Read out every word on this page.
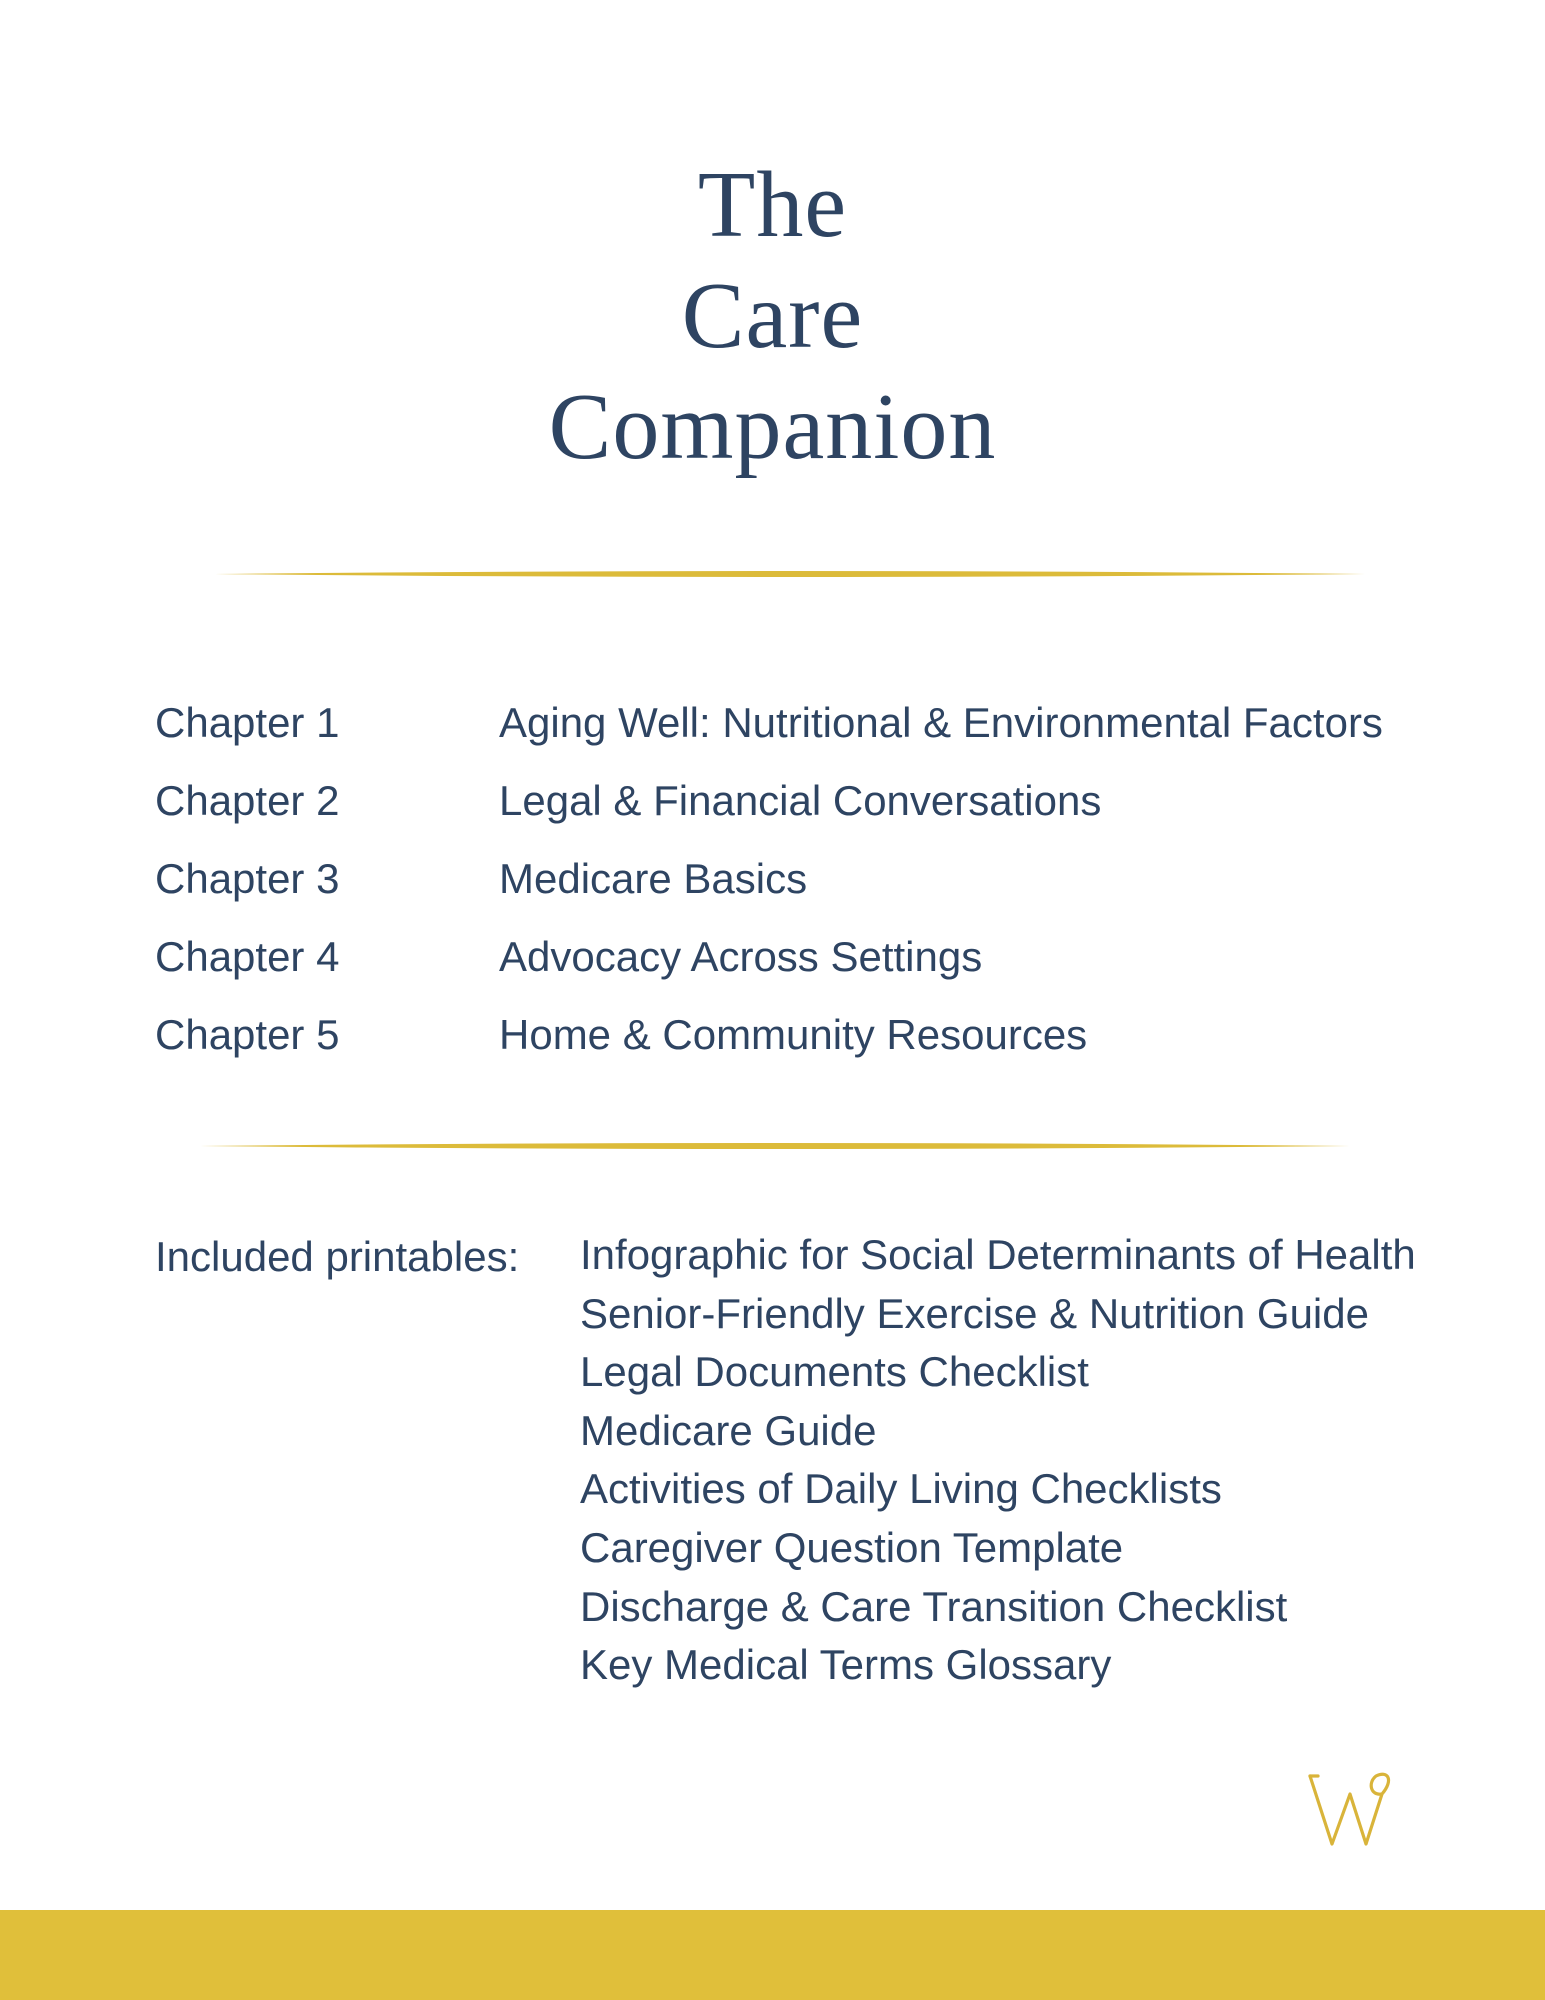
The
Care
Companion
Chapter 1	Aging Well: Nutritional & Environmental Factors
Chapter 2	Legal & Financial Conversations
Chapter 3	Medicare Basics
Chapter 4	Advocacy Across Settings
Chapter 5	Home & Community Resources
Included printables: Infographic for Social Determinants of Health
Senior-Friendly Exercise & Nutrition Guide
Legal Documents Checklist
Medicare Guide
Activities of Daily Living Checklists
Caregiver Question Template
Discharge & Care Transition Checklist
Key Medical Terms Glossary
